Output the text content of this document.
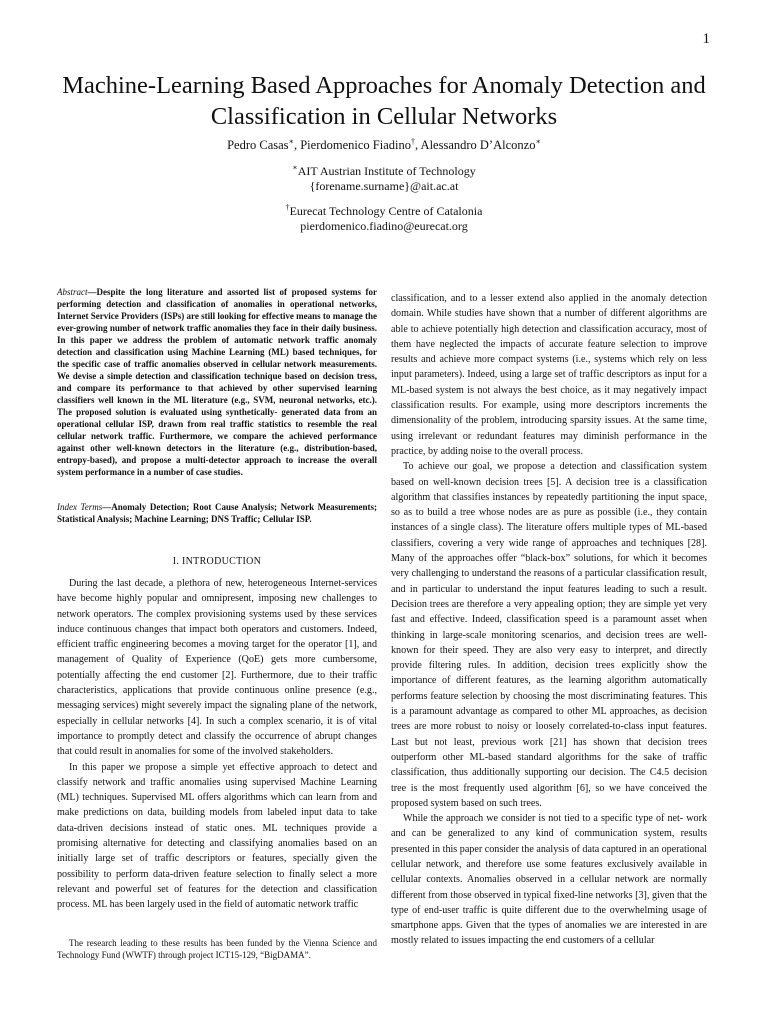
1
Machine-Learning Based Approaches for Anomaly Detection and Classification in Cellular Networks
Pedro Casas∗, Pierdomenico Fiadino†, Alessandro D’Alconzo∗
∗AIT Austrian Institute of Technology
{forename.surname}@ait.ac.at
†Eurecat Technology Centre of Catalonia
pierdomenico.fiadino@eurecat.org
Abstract—Despite the long literature and assorted list of proposed systems for performing detection and classification of anomalies in operational networks, Internet Service Providers (ISPs) are still looking for effective means to manage the ever-growing number of network traffic anomalies they face in their daily business. In this paper we address the problem of automatic network traffic anomaly detection and classification using Machine Learning (ML) based techniques, for the specific case of traffic anomalies observed in cellular network measurements. We devise a simple detection and classification technique based on decision tress, and compare its performance to that achieved by other supervised learning classifiers well known in the ML literature (e.g., SVM, neuronal networks, etc.). The proposed solution is evaluated using synthetically- generated data from an operational cellular ISP, drawn from real traffic statistics to resemble the real cellular network traffic. Furthermore, we compare the achieved performance against other well-known detectors in the literature (e.g., distribution-based, entropy-based), and propose a multi-detector approach to increase the overall system performance in a number of case studies.
Index Terms—Anomaly Detection; Root Cause Analysis; Network Measurements; Statistical Analysis; Machine Learning; DNS Traffic; Cellular ISP.
I. INTRODUCTION

During the last decade, a plethora of new, heterogeneous Internet-services have become highly popular and omnipresent, imposing new challenges to network operators. The complex provisioning systems used by these services induce continuous changes that impact both operators and customers. Indeed, efficient traffic engineering becomes a moving target for the operator [1], and management of Quality of Experience (QoE) gets more cumbersome, potentially affecting the end customer [2]. Furthermore, due to their traffic characteristics, applications that provide continuous online presence (e.g., messaging services) might severely impact the signaling plane of the network, especially in cellular networks [4]. In such a complex scenario, it is of vital importance to promptly detect and classify the occurrence of abrupt changes that could result in anomalies for some of the involved stakeholders.

In this paper we propose a simple yet effective approach to detect and classify network and traffic anomalies using supervised Machine Learning (ML) techniques. Supervised ML offers algorithms which can learn from and make predictions on data, building models from labeled input data to take data-driven decisions instead of static ones. ML techniques provide a promising alternative for detecting and classifying anomalies based on an initially large set of traffic descriptors or features, specially given the possibility to perform data-driven feature selection to finally select a more relevant and powerful set of features for the detection and classification process. ML has been largely used in the field of automatic network traffic

The research leading to these results has been funded by the Vienna Science and Technology Fund (WWTF) through project ICT15-129, “BigDAMA”.

classification, and to a lesser extend also applied in the anomaly detection domain. While studies have shown that a number of different algorithms are able to achieve potentially high detection and classification accuracy, most of them have neglected the impacts of accurate feature selection to improve results and achieve more compact systems (i.e., systems which rely on less input parameters). Indeed, using a large set of traffic descriptors as input for a ML-based system is not always the best choice, as it may negatively impact classification results. For example, using more descriptors increments the dimensionality of the problem, introducing sparsity issues. At the same time, using irrelevant or redundant features may diminish performance in the practice, by adding noise to the overall process.

To achieve our goal, we propose a detection and classification system based on well-known decision trees [5]. A decision tree is a classification algorithm that classifies instances by repeatedly partitioning the input space, so as to build a tree whose nodes are as pure as possible (i.e., they contain instances of a single class). The literature offers multiple types of ML-based classifiers, covering a very wide range of approaches and techniques [28]. Many of the approaches offer “black-box” solutions, for which it becomes very challenging to understand the reasons of a particular classification result, and in particular to understand the input features leading to such a result. Decision trees are therefore a very appealing option; they are simple yet very fast and effective. Indeed, classification speed is a paramount asset when thinking in large-scale monitoring scenarios, and decision trees are well-known for their speed. They are also very easy to interpret, and directly provide filtering rules. In addition, decision trees explicitly show the importance of different features, as the learning algorithm automatically performs feature selection by choosing the most discriminating features. This is a paramount advantage as compared to other ML approaches, as decision trees are more robust to noisy or loosely correlated-to-class input features. Last but not least, previous work [21] has shown that decision trees outperform other ML-based standard algorithms for the sake of traffic classification, thus additionally supporting our decision. The C4.5 decision tree is the most frequently used algorithm [6], so we have conceived the proposed system based on such trees.

While the approach we consider is not tied to a specific type of net- work and can be generalized to any kind of communication system, results presented in this paper consider the analysis of data captured in an operational cellular network, and therefore use some features exclusively available in cellular contexts. Anomalies observed in a cellular network are normally different from those observed in typical fixed-line networks [3], given that the type of end-user traffic is quite different due to the overwhelming usage of smartphone apps. Given that the types of anomalies we are interested in are mostly related to issues impacting the end customers of a cellular
